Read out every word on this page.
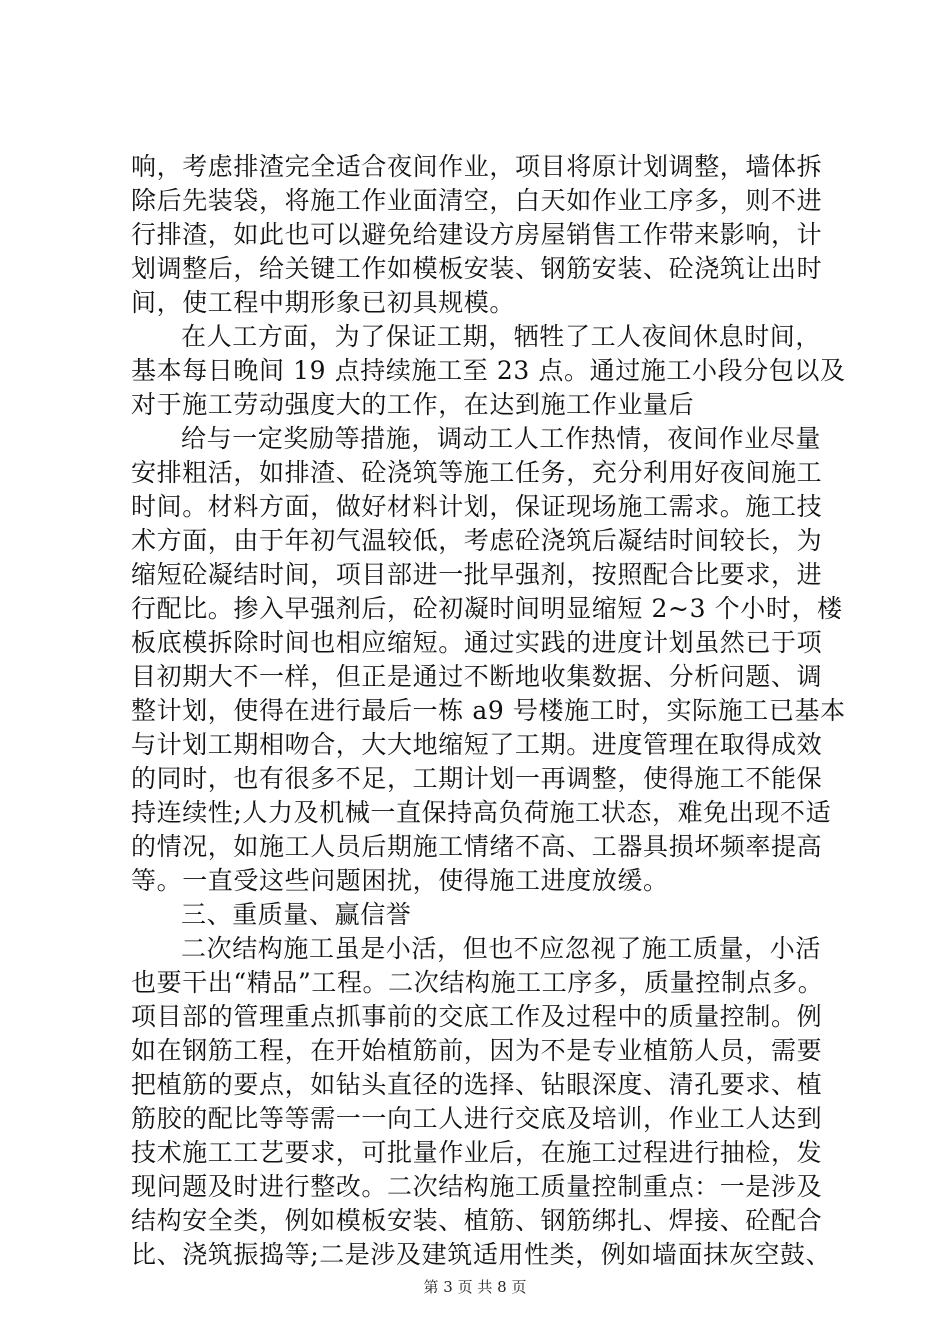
响，考虑排渣完全适合夜间作业，项目将原计划调整，墙体拆
除后先装袋，将施工作业面清空，白天如作业工序多，则不进
行排渣，如此也可以避免给建设方房屋销售工作带来影响，计
划调整后，给关键工作如模板安装、钢筋安装、砼浇筑让出时
间，使工程中期形象已初具规模。
在人工方面，为了保证工期，牺牲了工人夜间休息时间，
基本每日晚间 19 点持续施工至 23 点。通过施工小段分包以及
对于施工劳动强度大的工作，在达到施工作业量后
给与一定奖励等措施，调动工人工作热情，夜间作业尽量
安排粗活，如排渣、砼浇筑等施工任务，充分利用好夜间施工
时间。材料方面，做好材料计划，保证现场施工需求。施工技
术方面，由于年初气温较低，考虑砼浇筑后凝结时间较长，为
缩短砼凝结时间，项目部进一批早强剂，按照配合比要求，进
行配比。掺入早强剂后，砼初凝时间明显缩短 2~3 个小时，楼
板底模拆除时间也相应缩短。通过实践的进度计划虽然已于项
目初期大不一样，但正是通过不断地收集数据、分析问题、调
整计划，使得在进行最后一栋 a9 号楼施工时，实际施工已基本
与计划工期相吻合，大大地缩短了工期。进度管理在取得成效
的同时，也有很多不足，工期计划一再调整，使得施工不能保
持连续性;人力及机械一直保持高负荷施工状态，难免出现不适
的情况，如施工人员后期施工情绪不高、工器具损坏频率提高
等。一直受这些问题困扰，使得施工进度放缓。
三、重质量、赢信誉
二次结构施工虽是小活，但也不应忽视了施工质量，小活
也要干出“精品”工程。二次结构施工工序多，质量控制点多。
项目部的管理重点抓事前的交底工作及过程中的质量控制。例
如在钢筋工程，在开始植筋前，因为不是专业植筋人员，需要
把植筋的要点，如钻头直径的选择、钻眼深度、清孔要求、植
筋胶的配比等等需一一向工人进行交底及培训，作业工人达到
技术施工工艺要求，可批量作业后，在施工过程进行抽检，发
现问题及时进行整改。二次结构施工质量控制重点：一是涉及
结构安全类，例如模板安装、植筋、钢筋绑扎、焊接、砼配合
比、浇筑振捣等;二是涉及建筑适用性类，例如墙面抹灰空鼓、
第 3 页 共 8 页
